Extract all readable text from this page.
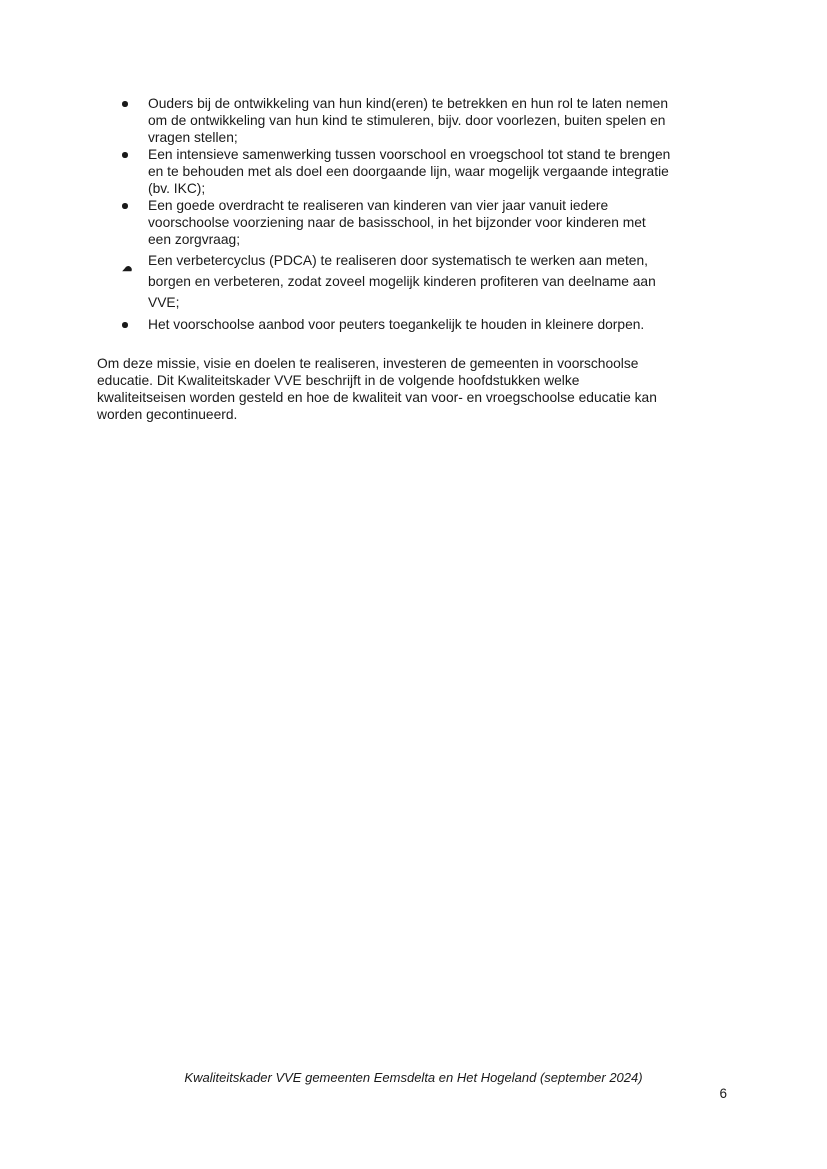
Ouders bij de ontwikkeling van hun kind(eren) te betrekken en hun rol te laten nemen
om de ontwikkeling van hun kind te stimuleren, bijv. door voorlezen, buiten spelen en
vragen stellen;
Een intensieve samenwerking tussen voorschool en vroegschool tot stand te brengen
en te behouden met als doel een doorgaande lijn, waar mogelijk vergaande integratie
(bv. IKC);
Een goede overdracht te realiseren van kinderen van vier jaar vanuit iedere
voorschoolse voorziening naar de basisschool, in het bijzonder voor kinderen met
een zorgvraag;
Een verbetercyclus (PDCA) te realiseren door systematisch te werken aan meten,
borgen en verbeteren, zodat zoveel mogelijk kinderen profiteren van deelname aan
VVE;
Het voorschoolse aanbod voor peuters toegankelijk te houden in kleinere dorpen.
Om deze missie, visie en doelen te realiseren, investeren de gemeenten in voorschoolse
educatie. Dit Kwaliteitskader VVE beschrijft in de volgende hoofdstukken welke
kwaliteitseisen worden gesteld en hoe de kwaliteit van voor- en vroegschoolse educatie kan
worden gecontinueerd.
Kwaliteitskader VVE gemeenten Eemsdelta en Het Hogeland (september 2024)
6
